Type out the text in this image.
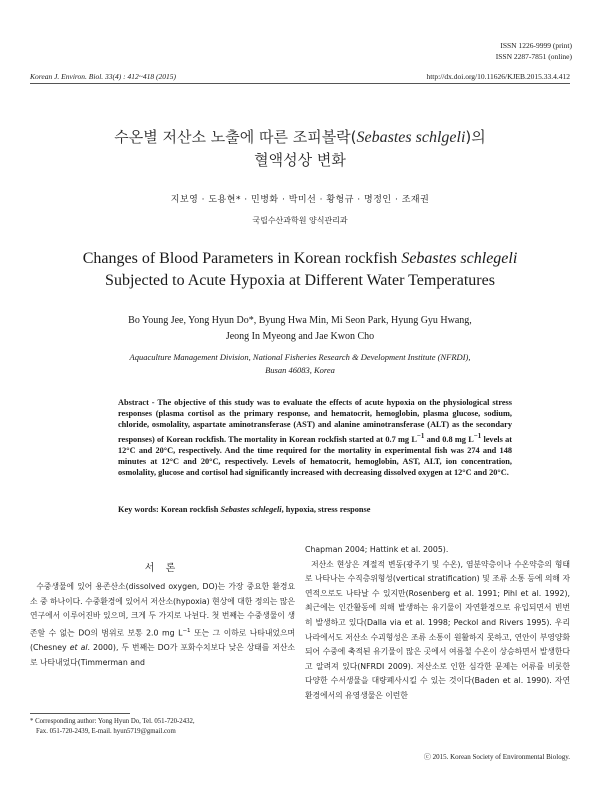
ISSN 1226-9999 (print)
ISSN 2287-7851 (online)
Korean J. Environ. Biol. 33(4) : 412~418 (2015)	http://dx.doi.org/10.11626/KJEB.2015.33.4.412
수온별 저산소 노출에 따른 조피볼락(Sebastes schlgeli)의
혈액성상 변화
지보영 · 도용현* · 민병화 · 박미선 · 황형규 · 명정인 · 조재권
국립수산과학원 양식관리과
Changes of Blood Parameters in Korean rockfish Sebastes schlegeli
Subjected to Acute Hypoxia at Different Water Temperatures
Bo Young Jee, Yong Hyun Do*, Byung Hwa Min, Mi Seon Park, Hyung Gyu Hwang,
Jeong In Myeong and Jae Kwon Cho
Aquaculture Management Division, National Fisheries Research & Development Institute (NFRDI),
Busan 46083, Korea
Abstract - The objective of this study was to evaluate the effects of acute hypoxia on the physiological stress responses (plasma cortisol as the primary response, and hematocrit, hemoglobin, plasma glucose, sodium, chloride, osmolality, aspartate aminotransferase (AST) and alanine aminotransferase (ALT) as the secondary responses) of Korean rockfish. The mortality in Korean rockfish started at 0.7 mg $L^{-1}$ and 0.8 mg $L^{-1}$ levels at 12°C and 20°C, respectively. And the time required for the mortality in experimental fish was 274 and 148 minutes at 12°C and 20°C, respectively. Levels of hematocrit, hemoglobin, AST, ALT, ion concentration, osmolality, glucose and cortisol had significantly increased with decreasing dissolved oxygen at 12°C and 20°C.
Key words: Korean rockfish Sebastes schlegeli, hypoxia, stress response
서 론

수중생물에 있어 용존산소(dissolved oxygen, DO)는 가장 중요한 환경요소 중 하나이다. 수중환경에 있어서 저산소(hypoxia) 현상에 대한 정의는 많은 연구에서 이루어진바 있으며, 크게 두 가지로 나뉜다. 첫 번째는 수중생물이 생존할 수 없는 DO의 범위로 보통 2.0 mg $L^{-1}$ 또는 그 이하로 나타내었으며(Chesney et al. 2000), 두 번째는 DO가 포화수치보다 낮은 상태를 저산소로 나타내었다(Timmerman and

Chapman 2004; Hattink et al. 2005).

저산소 현상은 계절적 변동(광주기 및 수온), 염분약층이나 수온약층의 형태로 나타나는 수직층위형성(vertical stratification) 및 조류 소통 등에 의해 자연적으로도 나타날 수 있지만(Rosenberg et al. 1991; Pihl et al. 1992), 최근에는 인간활동에 의해 발생하는 유기물이 자연환경으로 유입되면서 빈번히 발생하고 있다(Dalla via et al. 1998; Peckol and Rivers 1995). 우리나라에서도 저산소 수괴형성은 조류 소통이 원활하지 못하고, 연안이 부영양화되어 수중에 축적된 유기물이 많은 곳에서 여름철 수온이 상승하면서 발생한다고 알려져 있다(NFRDI 2009). 저산소로 인한 심각한 문제는 어류를 비롯한 다양한 수서생물을 대량폐사시킬 수 있는 것이다(Baden et al. 1990). 자연환경에서의 유영생물은 이런한

* Corresponding author: Yong Hyun Do, Tel. 051-720-2432,
Fax. 051-720-2439, E-mail. hyun5719@gmail.com
ⓒ 2015. Korean Society of Environmental Biology.
